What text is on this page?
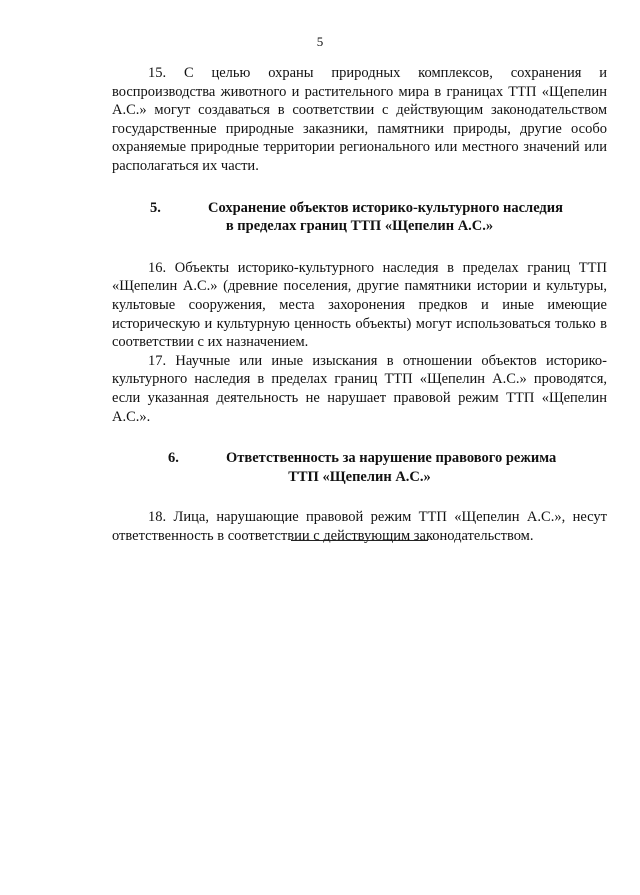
5

15. С целью охраны природных комплексов, сохранения и воспроизводства животного и растительного мира в границах ТТП «Щепелин А.С.» могут создаваться в соответствии с действующим законодательством государственные природные заказники, памятники природы, другие особо охраняемые природные территории регионального или местного значений или располагаться их части.

5.	Сохранение объектов историко-культурного наследия
в пределах границ ТТП «Щепелин А.С.»

16. Объекты историко-культурного наследия в пределах границ ТТП «Щепелин А.С.» (древние поселения, другие памятники истории и культуры, культовые сооружения, места захоронения предков и иные имеющие историческую и культурную ценность объекты) могут использоваться только в соответствии с их назначением.

17. Научные или иные изыскания в отношении объектов историко-культурного наследия в пределах границ ТТП «Щепелин А.С.» проводятся, если указанная деятельность не нарушает правовой режим ТТП «Щепелин А.С.».

6.	Ответственность за нарушение правового режима
ТТП «Щепелин А.С.»

18. Лица, нарушающие правовой режим ТТП «Щепелин А.С.», несут ответственность в соответствии с действующим законодательством.
